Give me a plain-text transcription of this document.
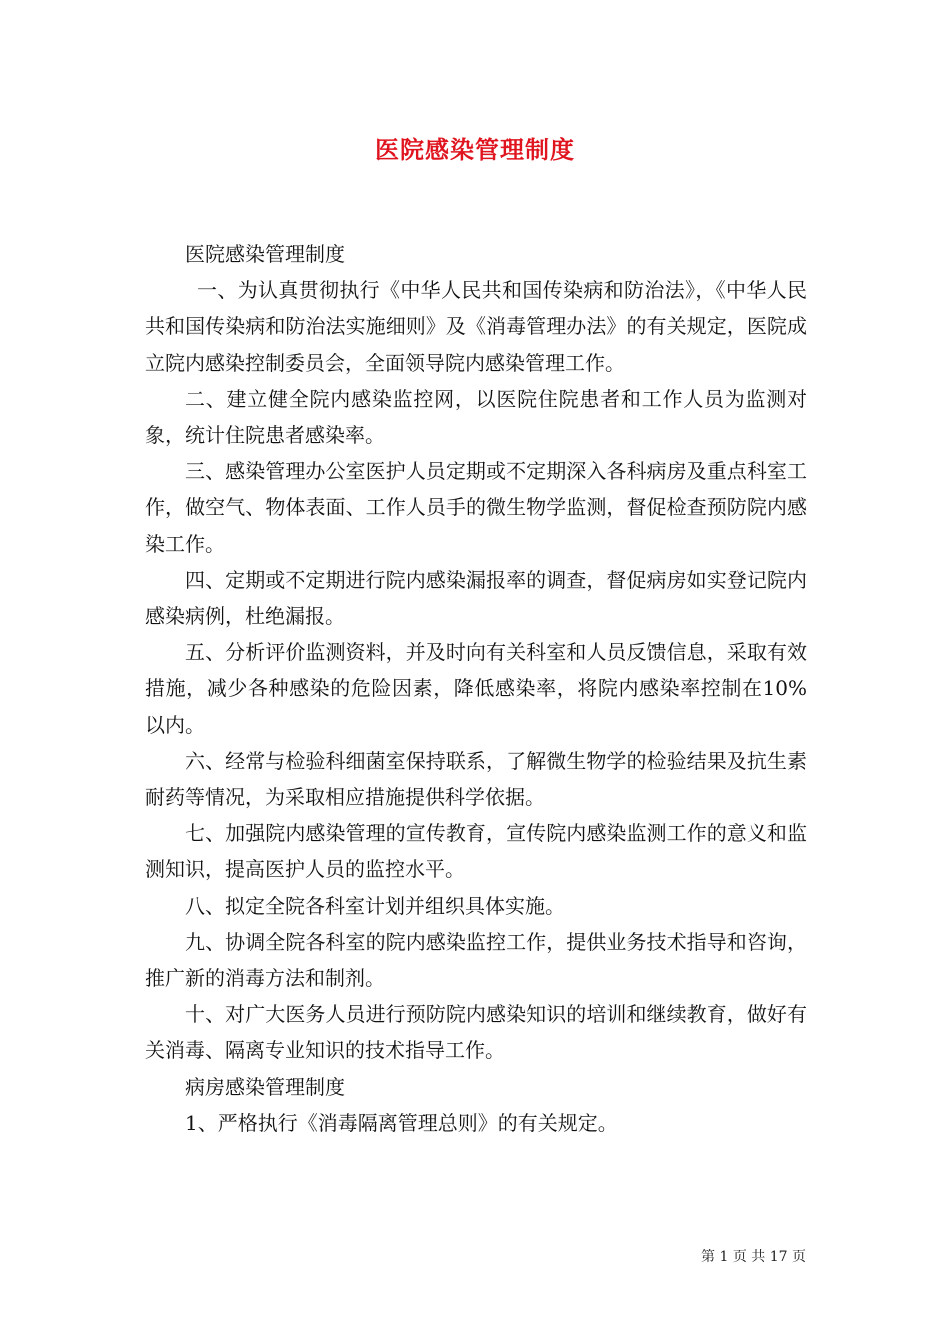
医院感染管理制度

医院感染管理制度

一、为认真贯彻执行《中华人民共和国传染病和防治法》，《中华人民共和国传染病和防治法实施细则》及《消毒管理办法》的有关规定，医院成立院内感染控制委员会，全面领导院内感染管理工作。

二、建立健全院内感染监控网，以医院住院患者和工作人员为监测对象，统计住院患者感染率。

三、感染管理办公室医护人员定期或不定期深入各科病房及重点科室工作，做空气、物体表面、工作人员手的微生物学监测，督促检查预防院内感染工作。

四、定期或不定期进行院内感染漏报率的调查，督促病房如实登记院内感染病例，杜绝漏报。

五、分析评价监测资料，并及时向有关科室和人员反馈信息，采取有效措施，减少各种感染的危险因素，降低感染率，将院内感染率控制在10%以内。

六、经常与检验科细菌室保持联系，了解微生物学的检验结果及抗生素耐药等情况，为采取相应措施提供科学依据。

七、加强院内感染管理的宣传教育，宣传院内感染监测工作的意义和监测知识，提高医护人员的监控水平。

八、拟定全院各科室计划并组织具体实施。

九、协调全院各科室的院内感染监控工作，提供业务技术指导和咨询，推广新的消毒方法和制剂。

十、对广大医务人员进行预防院内感染知识的培训和继续教育，做好有关消毒、隔离专业知识的技术指导工作。

病房感染管理制度

1、严格执行《消毒隔离管理总则》的有关规定。

第 1 页 共 17 页
